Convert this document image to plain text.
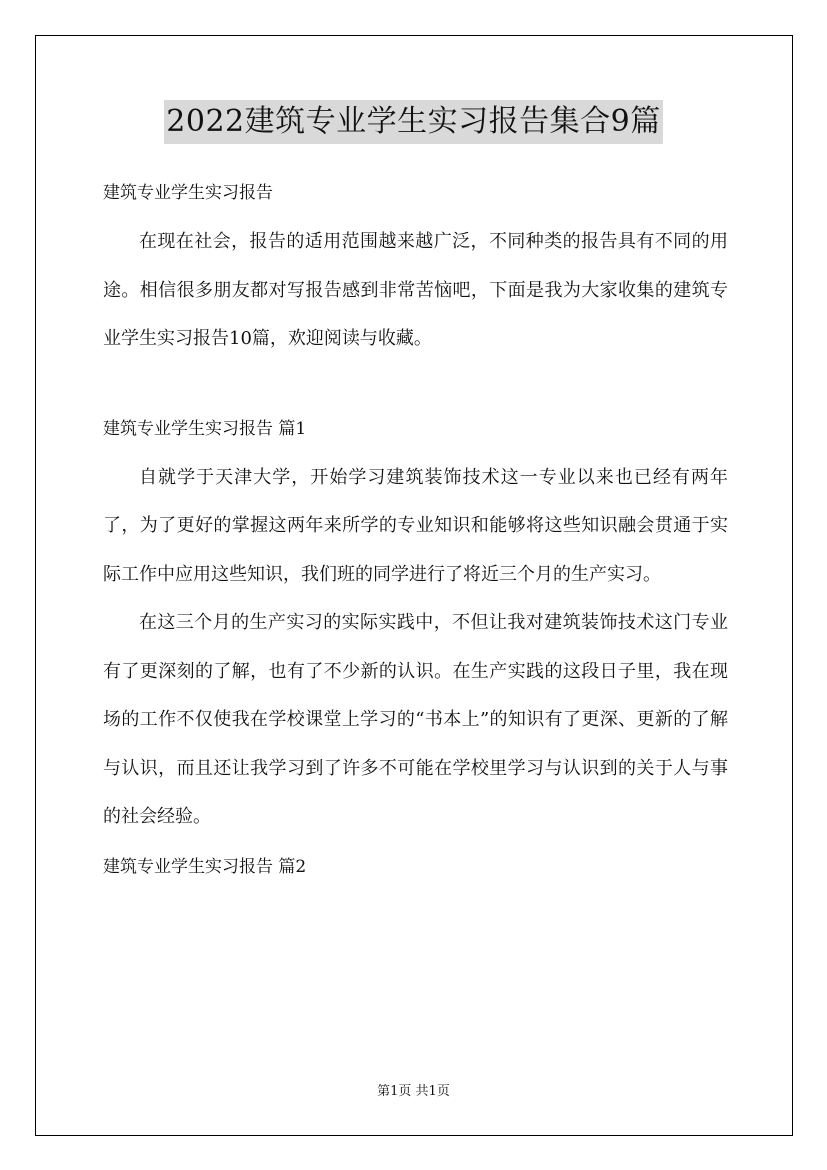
2022建筑专业学生实习报告集合9篇

建筑专业学生实习报告

在现在社会，报告的适用范围越来越广泛，不同种类的报告具有不同的用途。相信很多朋友都对写报告感到非常苦恼吧，下面是我为大家收集的建筑专业学生实习报告10篇，欢迎阅读与收藏。

建筑专业学生实习报告 篇1

自就学于天津大学，开始学习建筑装饰技术这一专业以来也已经有两年了，为了更好的掌握这两年来所学的专业知识和能够将这些知识融会贯通于实际工作中应用这些知识，我们班的同学进行了将近三个月的生产实习。

在这三个月的生产实习的实际实践中，不但让我对建筑装饰技术这门专业有了更深刻的了解，也有了不少新的认识。在生产实践的这段日子里，我在现场的工作不仅使我在学校课堂上学习的“书本上”的知识有了更深、更新的了解与认识，而且还让我学习到了许多不可能在学校里学习与认识到的关于人与事的社会经验。

建筑专业学生实习报告 篇2

第1页 共1页
